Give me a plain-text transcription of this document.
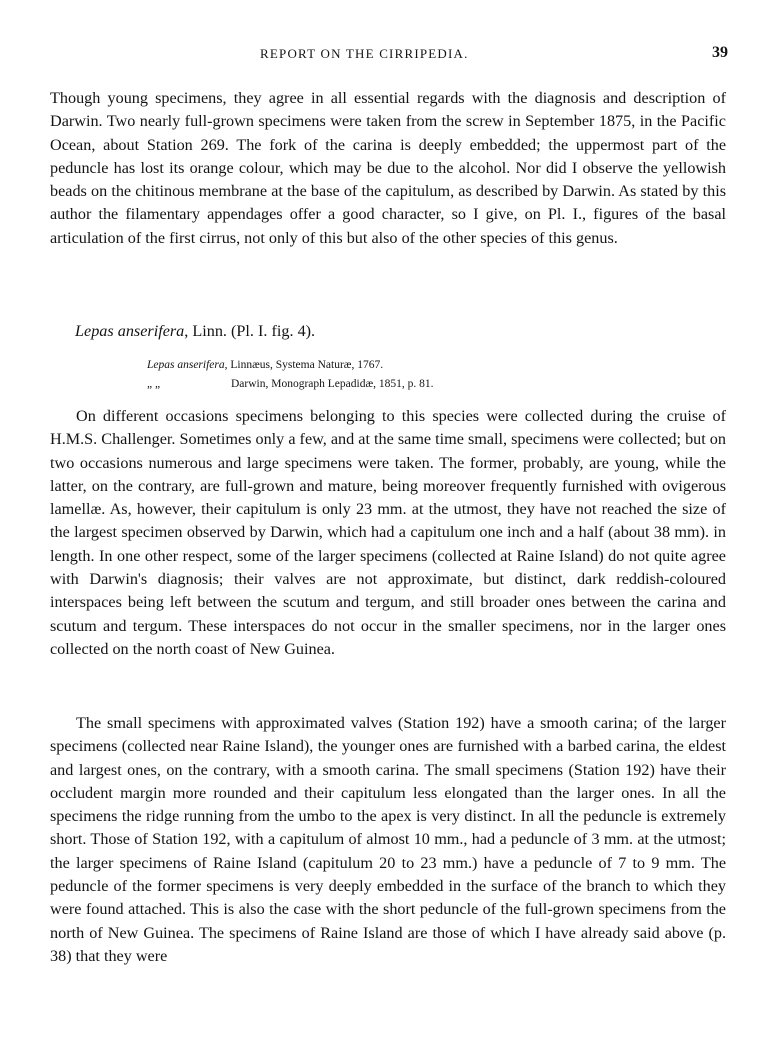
REPORT ON THE CIRRIPEDIA.	39

Though young specimens, they agree in all essential regards with the diagnosis and description of Darwin. Two nearly full-grown specimens were taken from the screw in September 1875, in the Pacific Ocean, about Station 269. The fork of the carina is deeply embedded; the uppermost part of the peduncle has lost its orange colour, which may be due to the alcohol. Nor did I observe the yellowish beads on the chitinous membrane at the base of the capitulum, as described by Darwin. As stated by this author the filamentary appendages offer a good character, so I give, on Pl. I., figures of the basal articulation of the first cirrus, not only of this but also of the other species of this genus.

Lepas anserifera, Linn. (Pl. I. fig. 4).

Lepas anserifera, Linnæus, Systema Naturæ, 1767.
„ „	Darwin, Monograph Lepadidæ, 1851, p. 81.

On different occasions specimens belonging to this species were collected during the cruise of H.M.S. Challenger. Sometimes only a few, and at the same time small, specimens were collected; but on two occasions numerous and large specimens were taken. The former, probably, are young, while the latter, on the contrary, are full-grown and mature, being moreover frequently furnished with ovigerous lamellæ. As, however, their capitulum is only 23 mm. at the utmost, they have not reached the size of the largest specimen observed by Darwin, which had a capitulum one inch and a half (about 38 mm). in length. In one other respect, some of the larger specimens (collected at Raine Island) do not quite agree with Darwin's diagnosis; their valves are not approximate, but distinct, dark reddish-coloured interspaces being left between the scutum and tergum, and still broader ones between the carina and scutum and tergum. These interspaces do not occur in the smaller specimens, nor in the larger ones collected on the north coast of New Guinea.

The small specimens with approximated valves (Station 192) have a smooth carina; of the larger specimens (collected near Raine Island), the younger ones are furnished with a barbed carina, the eldest and largest ones, on the contrary, with a smooth carina. The small specimens (Station 192) have their occludent margin more rounded and their capitulum less elongated than the larger ones. In all the specimens the ridge running from the umbo to the apex is very distinct. In all the peduncle is extremely short. Those of Station 192, with a capitulum of almost 10 mm., had a peduncle of 3 mm. at the utmost; the larger specimens of Raine Island (capitulum 20 to 23 mm.) have a peduncle of 7 to 9 mm. The peduncle of the former specimens is very deeply embedded in the surface of the branch to which they were found attached. This is also the case with the short peduncle of the full-grown specimens from the north of New Guinea. The specimens of Raine Island are those of which I have already said above (p. 38) that they were
